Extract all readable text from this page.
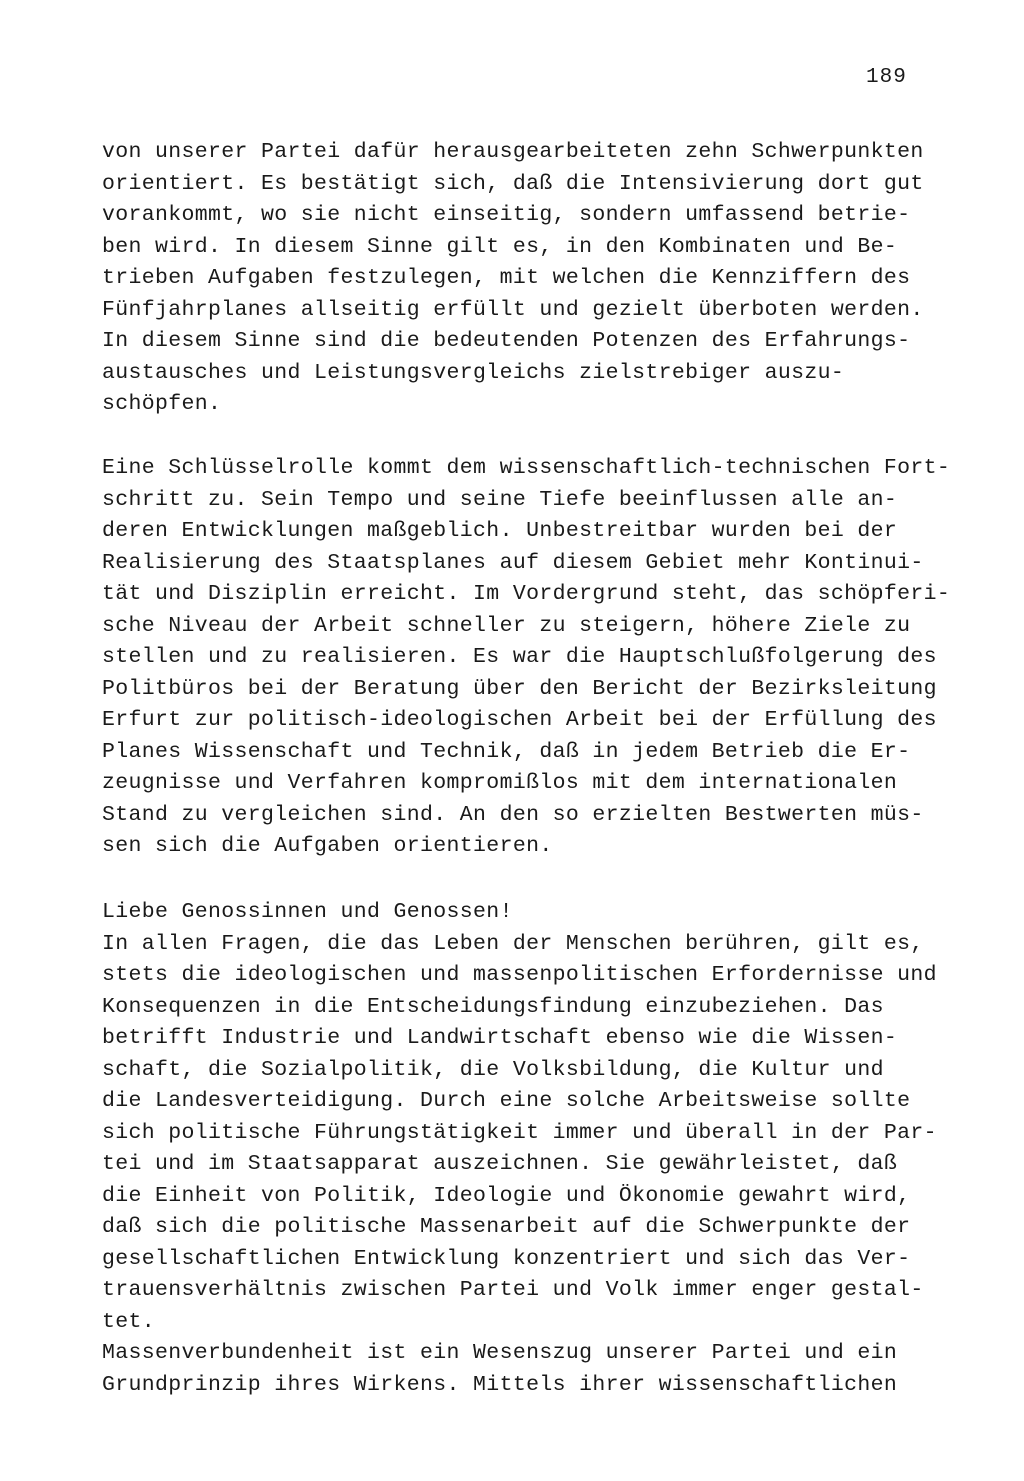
189
von unserer Partei dafür herausgearbeiteten zehn Schwerpunkten
orientiert. Es bestätigt sich, daß die Intensivierung dort gut
vorankommt, wo sie nicht einseitig, sondern umfassend betrie-
ben wird. In diesem Sinne gilt es, in den Kombinaten und Be-
trieben Aufgaben festzulegen, mit welchen die Kennziffern des
Fünfjahrplanes allseitig erfüllt und gezielt überboten werden.
In diesem Sinne sind die bedeutenden Potenzen des Erfahrungs-
austausches und Leistungsvergleichs zielstrebiger auszu-
schöpfen.
Eine Schlüsselrolle kommt dem wissenschaftlich-technischen Fort-
schritt zu. Sein Tempo und seine Tiefe beeinflussen alle an-
deren Entwicklungen maßgeblich. Unbestreitbar wurden bei der
Realisierung des Staatsplanes auf diesem Gebiet mehr Kontinui-
tät und Disziplin erreicht. Im Vordergrund steht, das schöpferi-
sche Niveau der Arbeit schneller zu steigern, höhere Ziele zu
stellen und zu realisieren. Es war die Hauptschlußfolgerung des
Politbüros bei der Beratung über den Bericht der Bezirksleitung
Erfurt zur politisch-ideologischen Arbeit bei der Erfüllung des
Planes Wissenschaft und Technik, daß in jedem Betrieb die Er-
zeugnisse und Verfahren kompromißlos mit dem internationalen
Stand zu vergleichen sind. An den so erzielten Bestwerten müs-
sen sich die Aufgaben orientieren.
Liebe Genossinnen und Genossen!
In allen Fragen, die das Leben der Menschen berühren, gilt es,
stets die ideologischen und massenpolitischen Erfordernisse und
Konsequenzen in die Entscheidungsfindung einzubeziehen. Das
betrifft Industrie und Landwirtschaft ebenso wie die Wissen-
schaft, die Sozialpolitik, die Volksbildung, die Kultur und
die Landesverteidigung. Durch eine solche Arbeitsweise sollte
sich politische Führungstätigkeit immer und überall in der Par-
tei und im Staatsapparat auszeichnen. Sie gewährleistet, daß
die Einheit von Politik, Ideologie und Ökonomie gewahrt wird,
daß sich die politische Massenarbeit auf die Schwerpunkte der
gesellschaftlichen Entwicklung konzentriert und sich das Ver-
trauensverhältnis zwischen Partei und Volk immer enger gestal-
tet.
Massenverbundenheit ist ein Wesenszug unserer Partei und ein
Grundprinzip ihres Wirkens. Mittels ihrer wissenschaftlichen
